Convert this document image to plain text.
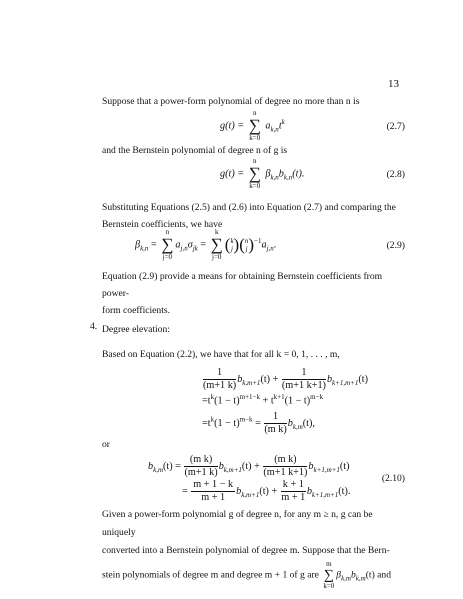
13
Suppose that a power-form polynomial of degree no more than n is
g(t) =
n
∑
k=0
$a_{k,n}t^k$	(2.7)
and the Bernstein polynomial of degree n of g is
g(t) =
n
∑
k=0
$\beta_{k,n}b_{k,n}(t)$.	(2.8)
Substituting Equations (2.5) and (2.6) into Equation (2.7) and comparing the
Bernstein coefficients, we have
$\beta_{k,n}$ =
n
∑
j=0
$a_{j,n}\sigma_{jk}$ =
k
∑
j=0
(k
j)(n
$j)^{-1}a_{j,n}$.	(2.9)
Equation (2.9) provide a means for obtaining Bernstein coefficients from power-
form coefficients.
4. Degree elevation:
Based on Equation (2.2), we have that for all k = 0, 1, . . . , m,
$\frac{1}{(m+1 k)} b_{k,m+1}(t) + \frac{1}{(m+1 k+1)} b_{k+1,m+1}(t)$
$=t^k(1 - t)^{m+1-k} + t^{k+1}(1 - t)^{m-k}$
$=t^k(1 - t)^{m-k} = \frac{1}{\text{(m k)}} b_{k,m}(t)$,
or
$b_{k,m}(t) = \frac{\text{(m k)}}{(m+1 k)} b_{k,m+1}(t) + \frac{\text{(m k)}}{(m+1 k+1)} b_{k+1,m+1}(t)$
= $\frac{m + 1 - k}{m + 1} b_{k,m+1}(t) + \frac{k + 1}{m + 1} b_{k+1,m+1}(t)$.
(2.10)
Given a power-form polynomial g of degree n, for any m ≥ n, g can be uniquely
converted into a Bernstein polynomial of degree m. Suppose that the Bern-
stein polynomials of degree m and degree m + 1 of g are
m
∑
k=0
$\beta_{k,m}b_{k,m}(t)$ and
